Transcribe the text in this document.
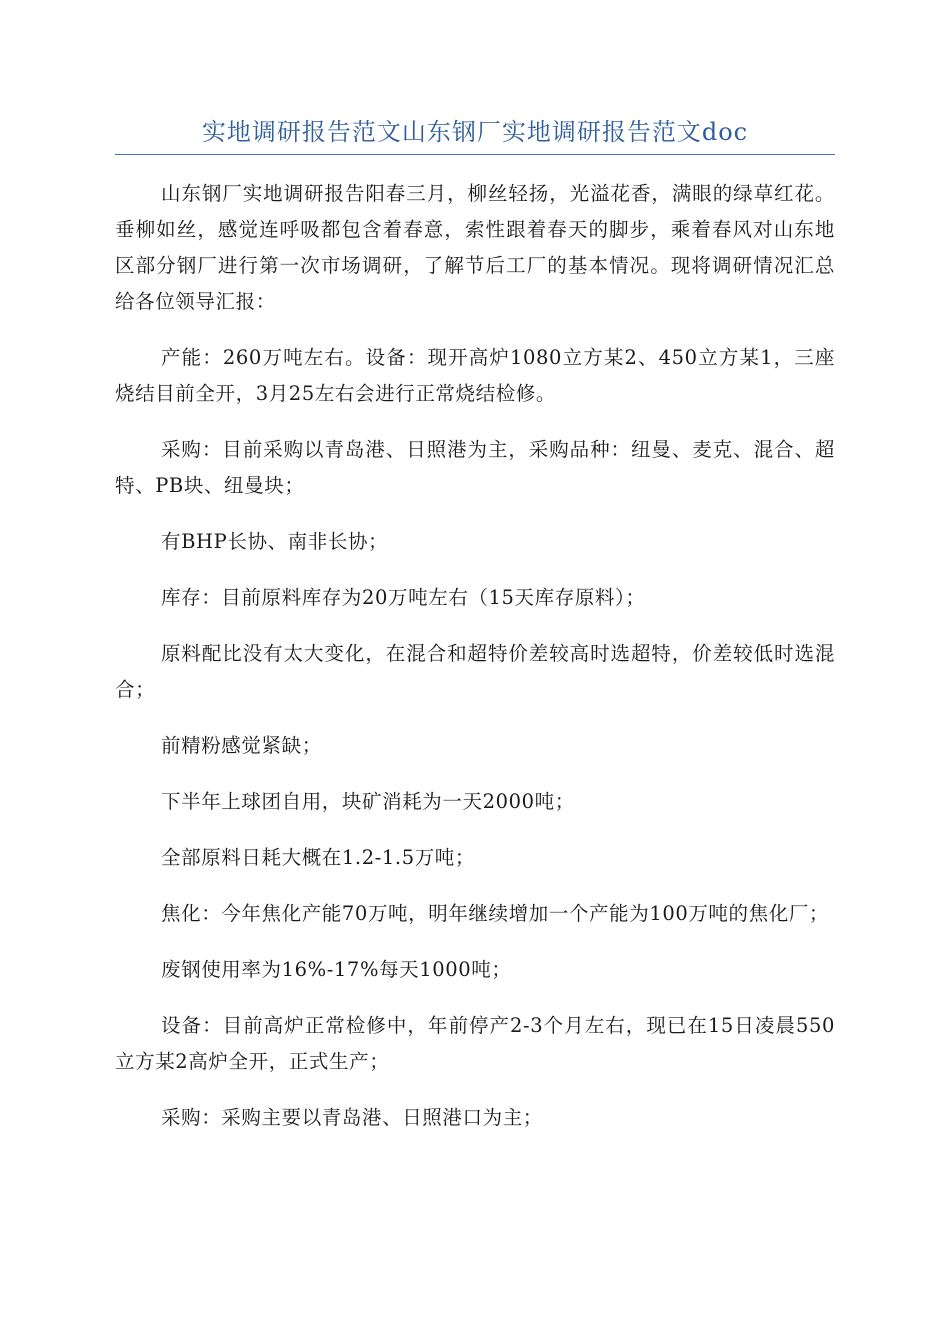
实地调研报告范文山东钢厂实地调研报告范文doc

山东钢厂实地调研报告阳春三月，柳丝轻扬，光溢花香，满眼的绿草红花。垂柳如丝，感觉连呼吸都包含着春意，索性跟着春天的脚步，乘着春风对山东地区部分钢厂进行第一次市场调研，了解节后工厂的基本情况。现将调研情况汇总给各位领导汇报：

产能：260万吨左右。设备：现开高炉1080立方某2、450立方某1，三座烧结目前全开，3月25左右会进行正常烧结检修。

采购：目前采购以青岛港、日照港为主，采购品种：纽曼、麦克、混合、超特、PB块、纽曼块；

有BHP长协、南非长协；

库存：目前原料库存为20万吨左右（15天库存原料）；

原料配比没有太大变化，在混合和超特价差较高时选超特，价差较低时选混合；

前精粉感觉紧缺；

下半年上球团自用，块矿消耗为一天2000吨；

全部原料日耗大概在1.2-1.5万吨；

焦化：今年焦化产能70万吨，明年继续增加一个产能为100万吨的焦化厂；

废钢使用率为16%-17%每天1000吨；

设备：目前高炉正常检修中，年前停产2-3个月左右，现已在15日凌晨550立方某2高炉全开，正式生产；

采购：采购主要以青岛港、日照港口为主；
